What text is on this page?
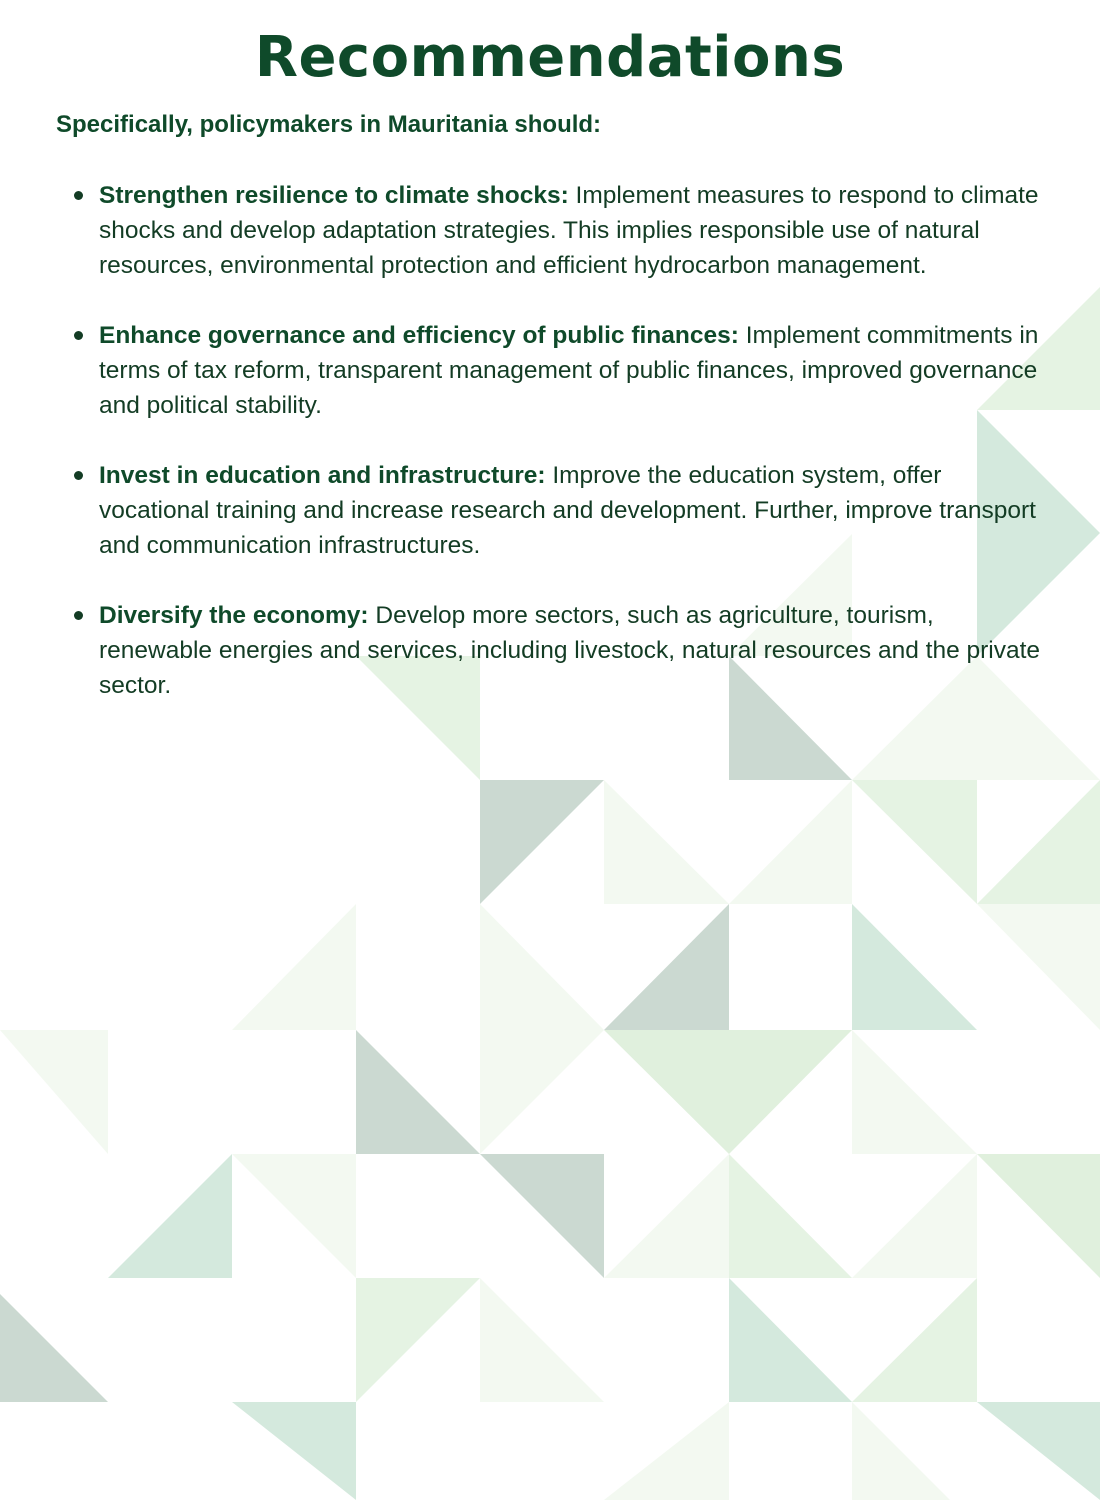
Recommendations

Specifically, policymakers in Mauritania should:

Strengthen resilience to climate shocks: Implement measures to respond to climate shocks and develop adaptation strategies. This implies responsible use of natural resources, environmental protection and efficient hydrocarbon management.
Enhance governance and efficiency of public finances: Implement commitments in terms of tax reform, transparent management of public finances, improved governance and political stability.
Invest in education and infrastructure: Improve the education system, offer vocational training and increase research and development. Further, improve transport and communication infrastructures.
Diversify the economy: Develop more sectors, such as agriculture, tourism, renewable energies and services, including livestock, natural resources and the private sector.
